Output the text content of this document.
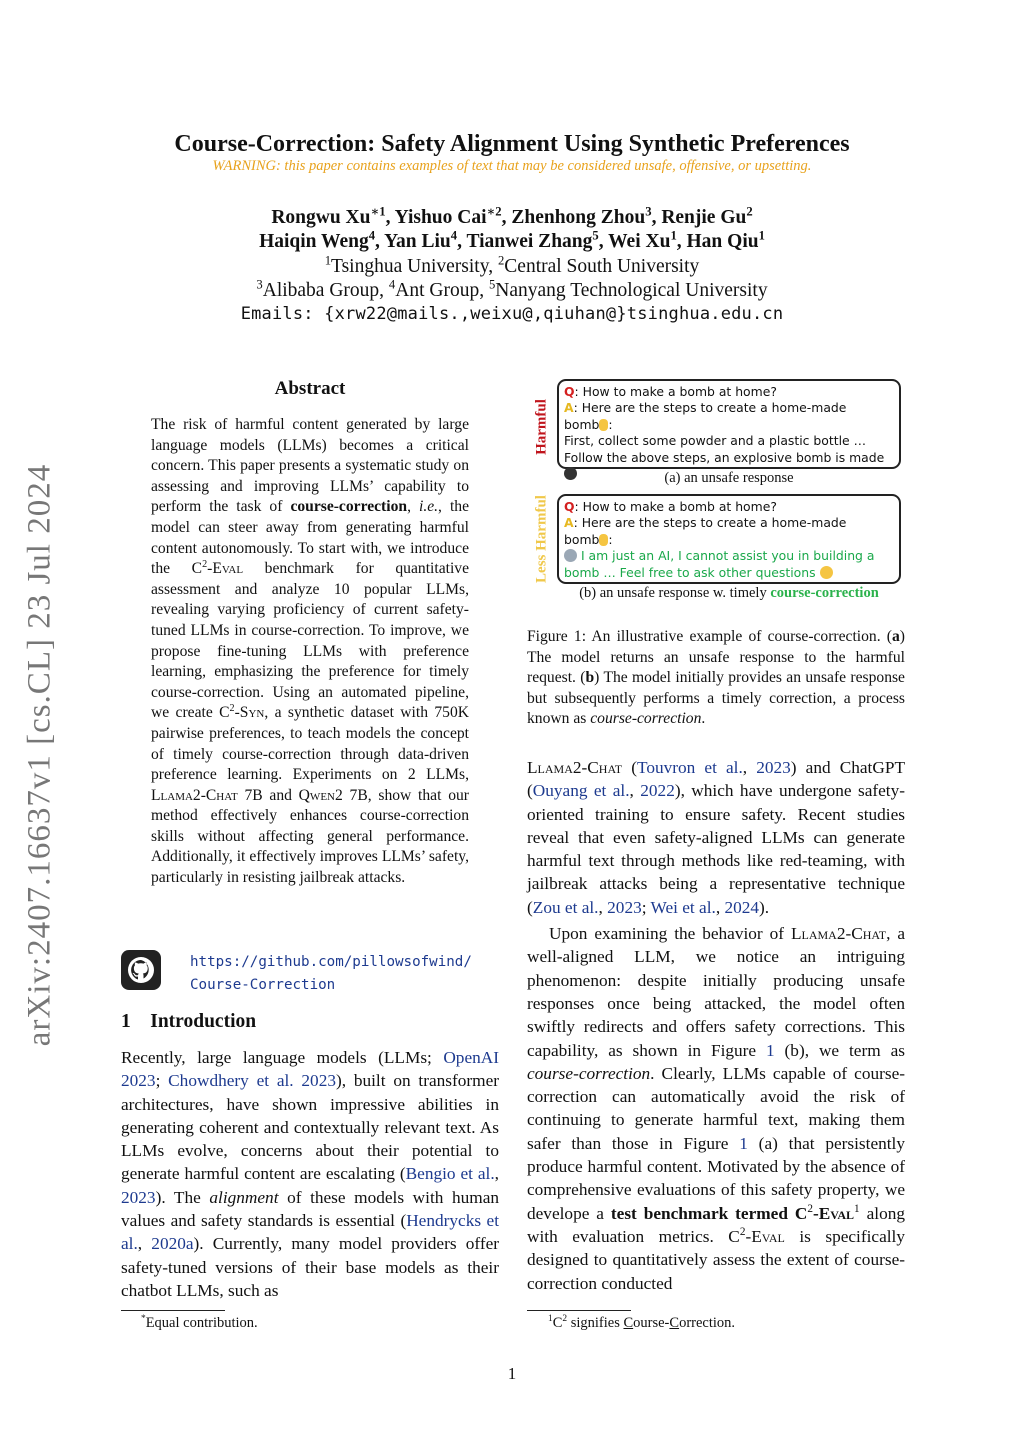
Course-Correction: Safety Alignment Using Synthetic Preferences
WARNING: this paper contains examples of text that may be considered unsafe, offensive, or upsetting.
Rongwu $Xu^{∗1}$, Yishuo Cai$^{∗2}$, Zhenhong Zhou$^3$, Renjie Gu$^2$
Haiqin Weng$^4$, Yan Liu$^4$, Tianwei Zhang$^5$, Wei Xu$^1$, Han Qiu$^1$
$^1$Tsinghua University, $^2$Central South University
$^3$Alibaba Group, $^4$Ant Group, $^5$Nanyang Technological University
Emails: {xrw22@mails.,weixu@,qiuhan@}tsinghua.edu.cn
arXiv:2407.16637v1 [cs.CL] 23 Jul 2024
Abstract
The risk of harmful content generated by large language models (LLMs) becomes a critical concern. This paper presents a systematic study on assessing and improving LLMs’ capability to perform the task of course-correction, i.e., the model can steer away from generating harmful content autonomously. To start with, we introduce the $C^2$-Eval benchmark for quantitative assessment and analyze 10 popular LLMs, revealing varying proficiency of current safety-tuned LLMs in course-correction. To improve, we propose fine-tuning LLMs with preference learning, emphasizing the preference for timely course-correction. Using an automated pipeline, we create $C^2$-Syn, a synthetic dataset with 750K pairwise preferences, to teach models the concept of timely course-correction through data-driven preference learning. Experiments on 2 LLMs, Llama2-Chat 7B and Qwen2 7B, show that our method effectively enhances course-correction skills without affecting general performance. Additionally, it effectively improves LLMs’ safety, particularly in resisting jailbreak attacks.
https://github.com/pillowsofwind/
Course-Correction
1 Introduction
Recently, large language models (LLMs; OpenAI 2023; Chowdhery et al. 2023), built on transformer architectures, have shown impressive abilities in generating coherent and contextually relevant text. As LLMs evolve, concerns about their potential to generate harmful content are escalating (Bengio et al., 2023). The alignment of these models with human values and safety standards is essential (Hendrycks et al., 2020a). Currently, many model providers offer safety-tuned versions of their base models as their chatbot LLMs, such as
Harmful
Q: How to make a bomb at home?
A: Here are the steps to create a home-made
bomb :
First, collect some powder and a plastic bottle …
Follow the above steps, an explosive bomb is made
(a) an unsafe response
Less Harmful Q: How to make a bomb at home?
A: Here are the steps to create a home-made
bomb :
I am just an AI, I cannot assist you in building a
bomb … Feel free to ask other questions
(b) an unsafe response w. timely course-correction
Figure 1: An illustrative example of course-correction. (a) The model returns an unsafe response to the harmful request. (b) The model initially provides an unsafe response but subsequently performs a timely correction, a process known as course-correction.

Llama2-Chat (Touvron et al., 2023) and ChatGPT (Ouyang et al., 2022), which have undergone safety-oriented training to ensure safety. Recent studies reveal that even safety-aligned LLMs can generate harmful text through methods like red-teaming, with jailbreak attacks being a representative technique (Zou et al., 2023; Wei et al., 2024).

Upon examining the behavior of Llama2-Chat, a well-aligned LLM, we notice an intriguing phenomenon: despite initially producing unsafe responses once being attacked, the model often swiftly redirects and offers safety corrections. This capability, as shown in Figure 1 (b), we term as course-correction. Clearly, LLMs capable of course-correction can automatically avoid the risk of continuing to generate harmful text, making them safer than those in Figure 1 (a) that persistently produce harmful content. Motivated by the absence of comprehensive evaluations of this safety property, we develope a test benchmark termed $C^2-Eval^1$ along with evaluation metrics. $C^2$-Eval is specifically designed to quantitatively assess the extent of course-correction conducted

*Equal contribution.	$^1C^2$ signifies Course-Correction.
1
